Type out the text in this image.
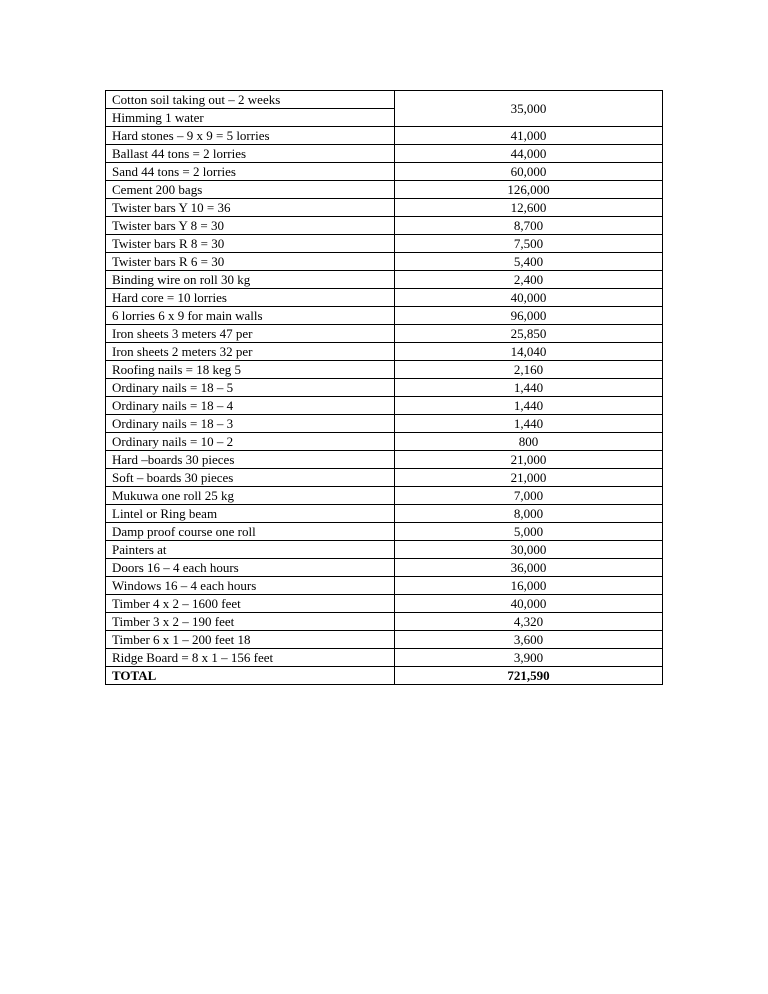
Cotton soil taking out – 2 weeks	35,000
Himming 1 water	
Hard stones – 9 x 9 = 5 lorries	41,000
Ballast 44 tons = 2 lorries	44,000
Sand 44 tons = 2 lorries	60,000
Cement 200 bags	126,000
Twister bars Y 10 = 36	12,600
Twister bars Y 8 = 30	8,700
Twister bars R 8 = 30	7,500
Twister bars R 6 = 30	5,400
Binding wire on roll 30 kg	2,400
Hard core = 10 lorries	40,000
6 lorries 6 x 9 for main walls	96,000
Iron sheets 3 meters 47 per	25,850
Iron sheets 2 meters 32 per	14,040
Roofing nails = 18 keg 5	2,160
Ordinary nails = 18 – 5	1,440
Ordinary nails = 18 – 4	1,440
Ordinary nails = 18 – 3	1,440
Ordinary nails = 10 – 2	800
Hard –boards 30 pieces	21,000
Soft – boards 30 pieces	21,000
Mukuwa one roll 25 kg	7,000
Lintel or Ring beam	8,000
Damp proof course one roll	5,000
Painters at	30,000
Doors 16 – 4 each hours	36,000
Windows 16 – 4 each hours	16,000
Timber 4 x 2 – 1600 feet	40,000
Timber 3 x 2 – 190 feet	4,320
Timber 6 x 1 – 200 feet 18	3,600
Ridge Board = 8 x 1 – 156 feet	3,900
TOTAL	721,590
